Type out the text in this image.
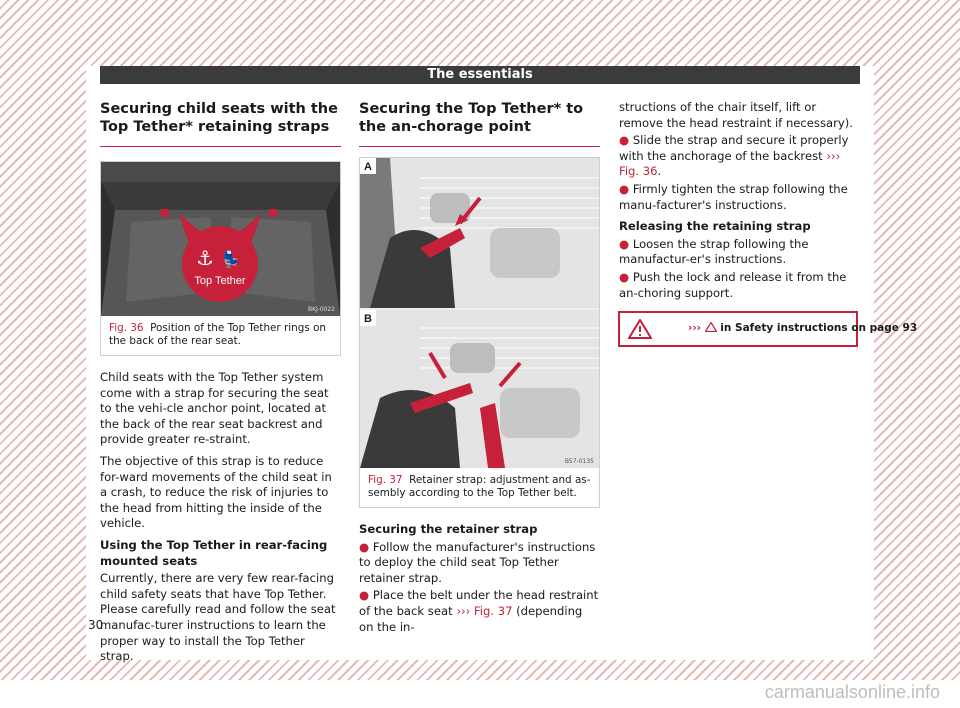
The essentials
Securing child seats with the Top Tether* retaining straps
⚓ 💺
Top Tether
BKJ-0022
Fig. 36 Position of the Top Tether rings on the back of the rear seat.

Child seats with the Top Tether system come with a strap for securing the seat to the vehi-cle anchor point, located at the back of the rear seat backrest and provide greater re-straint.

The objective of this strap is to reduce for-ward movements of the child seat in a crash, to reduce the risk of injuries to the head from hitting the inside of the vehicle.

Using the Top Tether in rear-facing mounted seats

Currently, there are very few rear-facing child safety seats that have Top Tether. Please carefully read and follow the seat manufac-turer instructions to learn the proper way to install the Top Tether strap.

Securing the Top Tether* to the an-chorage point
A
B
B57-0135
Fig. 37 Retainer strap: adjustment and as-sembly according to the Top Tether belt.

Securing the retainer strap

● Follow the manufacturer's instructions to deploy the child seat Top Tether retainer strap.

● Place the belt under the head restraint of the back seat ››› Fig. 37 (depending on the in-

structions of the chair itself, lift or remove the head restraint if necessary).

● Slide the strap and secure it properly with the anchorage of the backrest ››› Fig. 36.

● Firmly tighten the strap following the manu-facturer's instructions.

Releasing the retaining strap

● Loosen the strap following the manufactur-er's instructions.

● Push the lock and release it from the an-choring support.

››› in Safety instructions on page 93
30
carmanualsonline.info
